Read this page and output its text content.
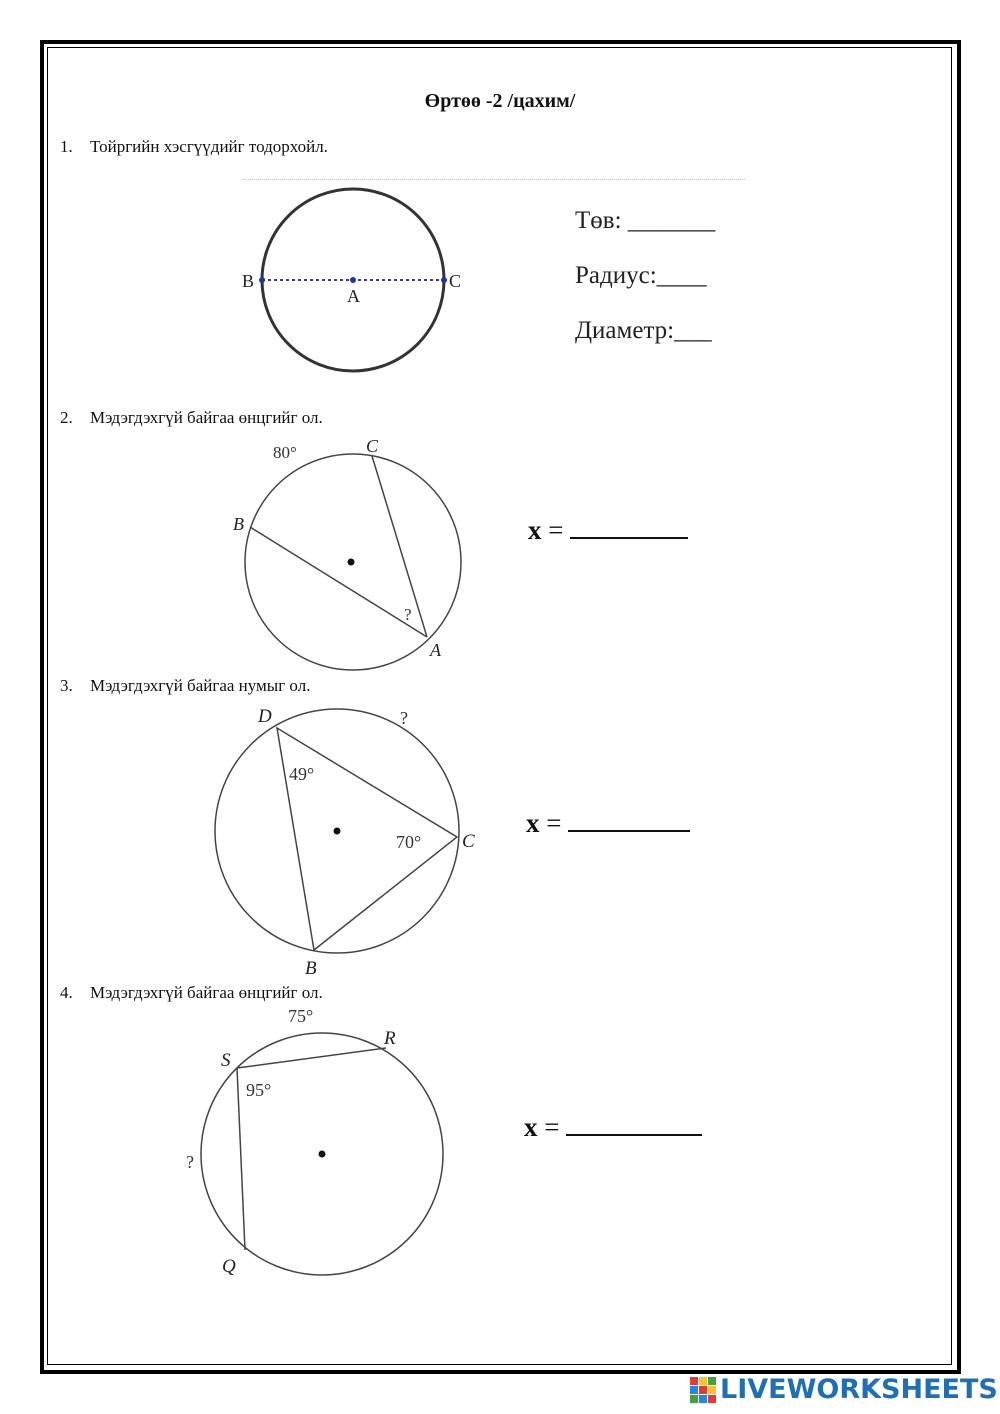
Өртөө -2 /цахим/
1. Тойргийн хэсгүүдийг тодорхойл.
B
A
C
Төв: _______
Радиус:____
Диаметр:___
2. Мэдэгдэхгүй байгаа өнцгийг ол.
80°	C
B
A
?
x =
3. Мэдэгдэхгүй байгаа нумыг ол.
D
C
B
49°
70°
?
x =
4. Мэдэгдэхгүй байгаа өнцгийг ол.
75°
S
R
Q
95°
?
x =
LIVEWORKSHEETS
